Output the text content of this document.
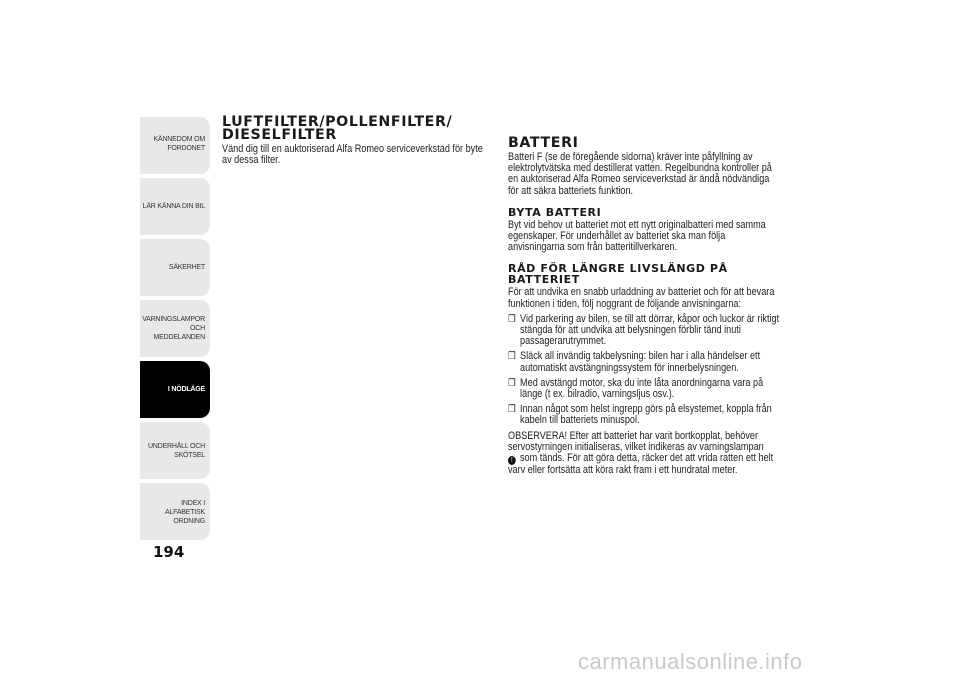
KÄNNEDOM OM
FORDONET
LÄR KÄNNA DIN BIL
SÄKERHET
VARNINGSLAMPOR
OCH MEDDELANDEN
I NÖDLÄGE
UNDERHÅLL OCH
SKÖTSEL
INDEX I ALFABETISK
ORDNING
194
LUFTFILTER/POLLENFILTER/
DIESELFILTER

Vänd dig till en auktoriserad Alfa Romeo serviceverkstad för byte av dessa filter.

BATTERI

Batteri F (se de föregående sidorna) kräver inte påfyllning av elektrolytvätska med destillerat vatten. Regelbundna kontroller på en auktoriserad Alfa Romeo serviceverkstad är ändå nödvändiga för att säkra batteriets funktion.

BYTA BATTERI

Byt vid behov ut batteriet mot ett nytt originalbatteri med samma egenskaper. För underhållet av batteriet ska man följa anvisningarna som från batteritillverkaren.

RÅD FÖR LÄNGRE LIVSLÄNGD PÅ
BATTERIET

För att undvika en snabb urladdning av batteriet och för att bevara funktionen i tiden, följ noggrant de följande anvisningarna:

❒ Vid parkering av bilen, se till att dörrar, kåpor och luckor är riktigt stängda för att undvika att belysningen förblir tänd inuti passagerarutrymmet.
❒ Släck all invändig takbelysning: bilen har i alla händelser ett automatiskt avstängningssystem för innerbelysningen.
❒ Med avstängd motor, ska du inte låta anordningarna vara på länge (t ex. bilradio, varningsljus osv.).
❒ Innan något som helst ingrepp görs på elsystemet, koppla från kabeln till batteriets minuspol.

OBSERVERA! Efter att batteriet har varit bortkopplat, behöver servostyrningen initialiseras, vilket indikeras av varningslampan
! som tänds. För att göra detta, räcker det att vrida ratten ett helt varv eller fortsätta att köra rakt fram i ett hundratal meter.

carmanualsonline.info
